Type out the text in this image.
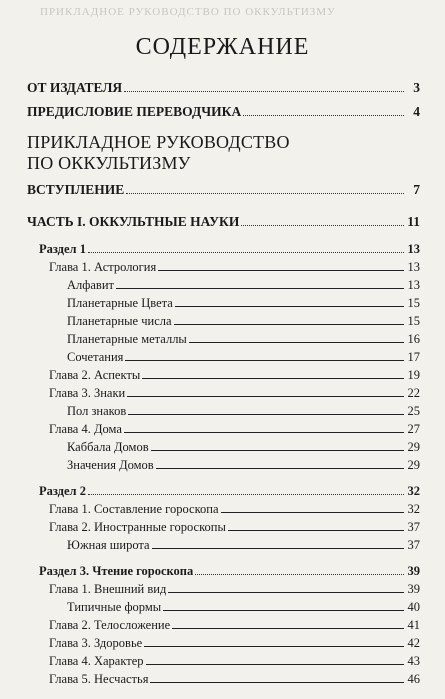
ПРИКЛАДНОЕ РУКОВОДСТВО ПО ОККУЛЬТИЗМУ
СОДЕРЖАНИЕ
ОТ ИЗДАТЕЛЯ	3
ПРЕДИСЛОВИЕ ПЕРЕВОДЧИКА	4
ПРИКЛАДНОЕ РУКОВОДСТВО
ПО ОККУЛЬТИЗМУ
ВСТУПЛЕНИЕ	7
ЧАСТЬ I. ОККУЛЬТНЫЕ НАУКИ	11
Раздел 1	13
Глава 1. Астрология	13
Алфавит	13
Планетарные Цвета	15
Планетарные числа	15
Планетарные металлы	16
Сочетания	17
Глава 2. Аспекты	19
Глава 3. Знаки	22
Пол знаков	25
Глава 4. Дома	27
Каббала Домов	29
Значения Домов	29
Раздел 2	32
Глава 1. Составление гороскопа	32
Глава 2. Иностранные гороскопы	37
Южная широта	37
Раздел 3. Чтение гороскопа	39
Глава 1. Внешний вид	39
Типичные формы	40
Глава 2. Телосложение	41
Глава 3. Здоровье	42
Глава 4. Характер	43
Глава 5. Несчастья	46
